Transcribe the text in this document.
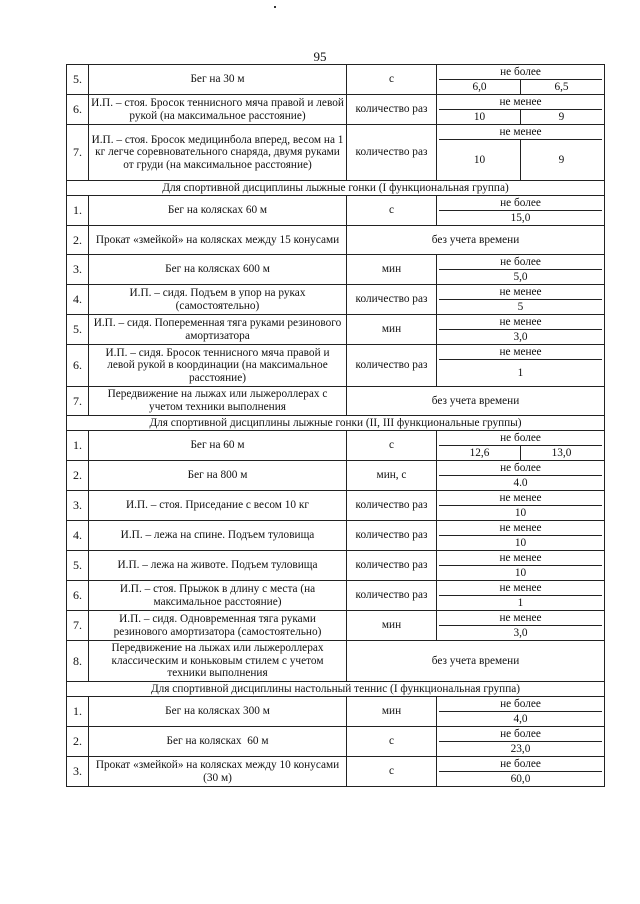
95
5.	Бег на 30 м	с	не более
6,0 6,5

6.	И.П. – стоя. Бросок теннисного мяча правой и левой рукой (на максимальное расстояние)	количество раз	не менее
10 9

7.	И.П. – стоя. Бросок медицинбола вперед, весом на 1 кг легче соревновательного снаряда, двумя руками от груди (на максимальное расстояние)	количество раз	не менее
10 9

Для спортивной дисциплины лыжные гонки (I функциональная группа)			
1.	Бег на колясках 60 м	с	не более
15,0

2.	Прокат «змейкой» на колясках между 15 конусами	без учета времени	
3.	Бег на колясках 600 м	мин	не более
5,0

4.	И.П. – сидя. Подъем в упор на руках (самостоятельно)	количество раз	не менее
5

5.	И.П. – сидя. Попеременная тяга руками резинового амортизатора	мин	не менее
3,0

6.	И.П. – сидя. Бросок теннисного мяча правой и левой рукой в координации (на максимальное расстояние)	количество раз	не менее
1

7.	Передвижение на лыжах или лыжероллерах с учетом техники выполнения	без учета времени	
Для спортивной дисциплины лыжные гонки (II, III функциональные группы)			
1.	Бег на 60 м	с	не более
12,6 13,0

2.	Бег на 800 м	мин, с	не более
4.0

3.	И.П. – стоя. Приседание с весом 10 кг	количество раз	не менее
10

4.	И.П. – лежа на спине. Подъем туловища	количество раз	не менее
10

5.	И.П. – лежа на животе. Подъем туловища	количество раз	не менее
10

6.	И.П. – стоя. Прыжок в длину с места (на максимальное расстояние)	количество раз	не менее
1

7.	И.П. – сидя. Одновременная тяга руками резинового амортизатора (самостоятельно)	мин	не менее
3,0

8.	Передвижение на лыжах или лыжероллерах классическим и коньковым стилем с учетом техники выполнения	без учета времени	
Для спортивной дисциплины настольный теннис (I функциональная группа)			
1.	Бег на колясках 300 м	мин	не более
4,0

2.	Бег на колясках  60 м	с	не более
23,0

3.	Прокат «змейкой» на колясках между 10 конусами (30 м)	с	не более
60,0
